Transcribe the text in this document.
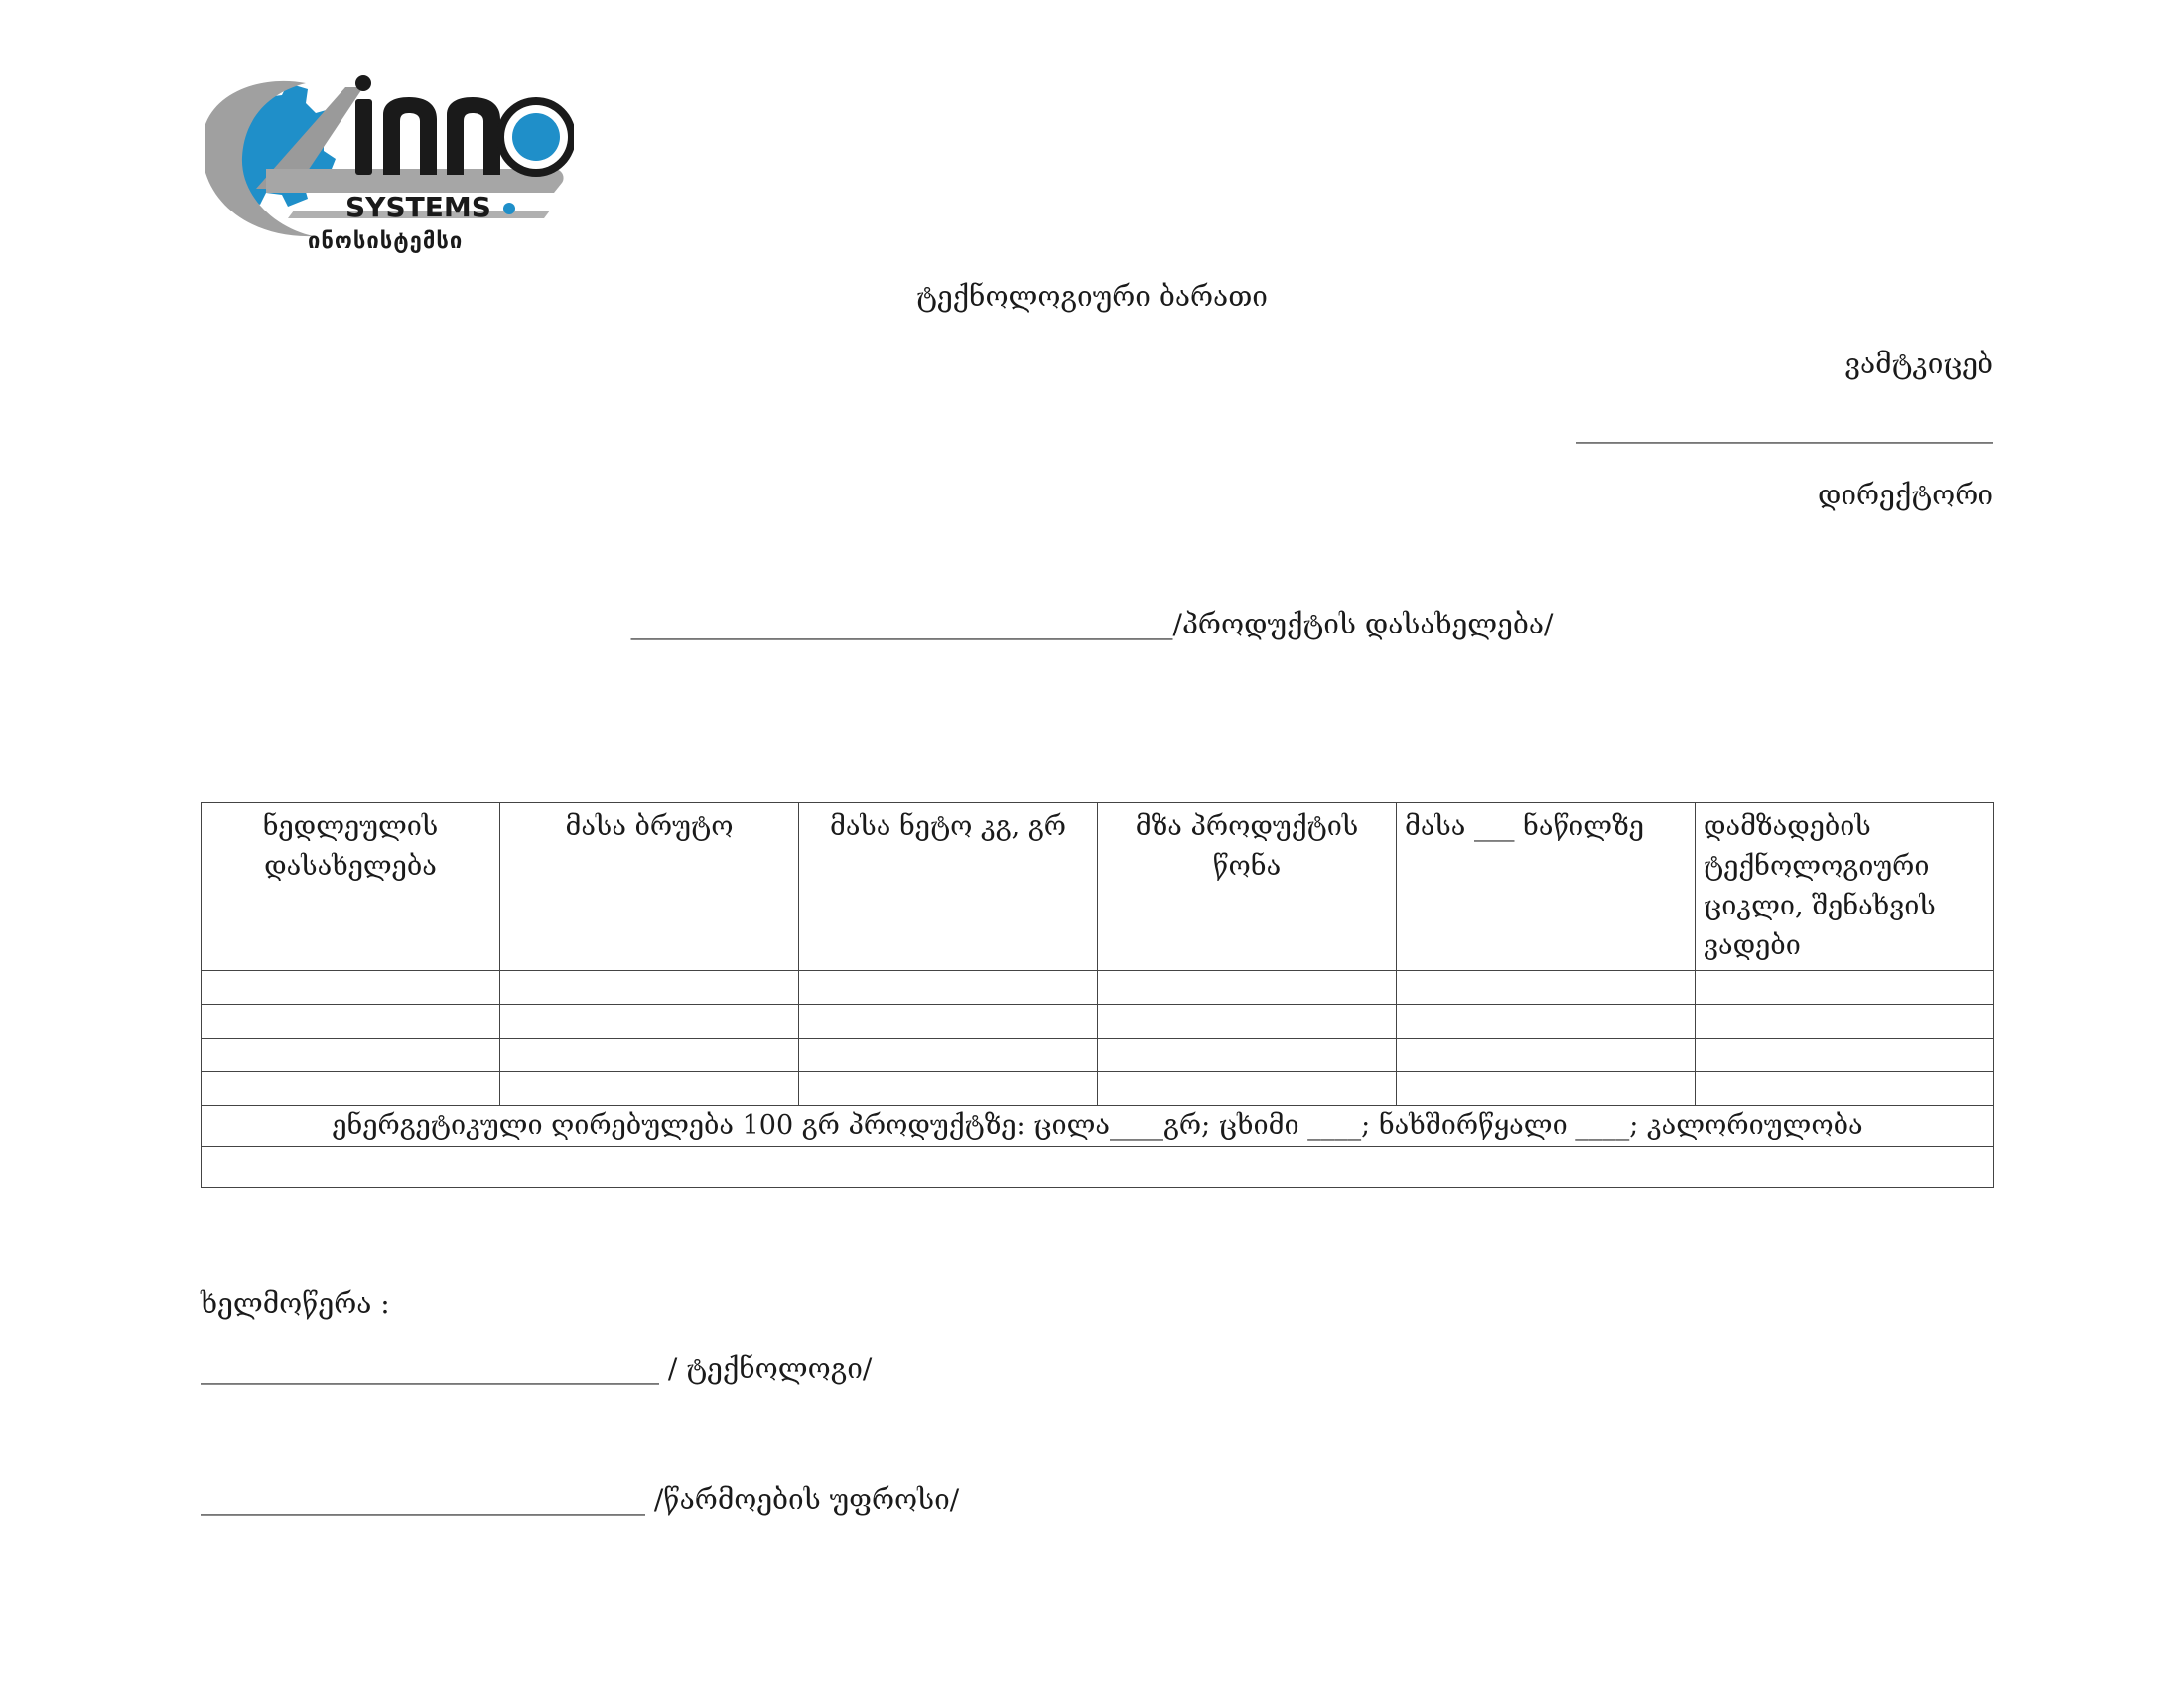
SYSTEMS
ინოსისტემსი
ტექნოლოგიური ბარათი
ვამტკიცებ
______________________________
დირექტორი
_______________________________________/პროდუქტის დასახელება/
ნედლეულის დასახელება	მასა ბრუტო	მასა ნეტო კგ, გრ	მზა პროდუქტის წონა	მასა ___ ნაწილზე	დამზადების ტექნოლოგიური ციკლი, შენახვის ვადები

ენერგეტიკული ღირებულება 100 გრ პროდუქტზე: ცილა____გრ; ცხიმი ____; ნახშირწყალი ____; კალორიულობა					

ხელმოწერა :
_________________________________ / ტექნოლოგი/
________________________________ /წარმოების უფროსი/
